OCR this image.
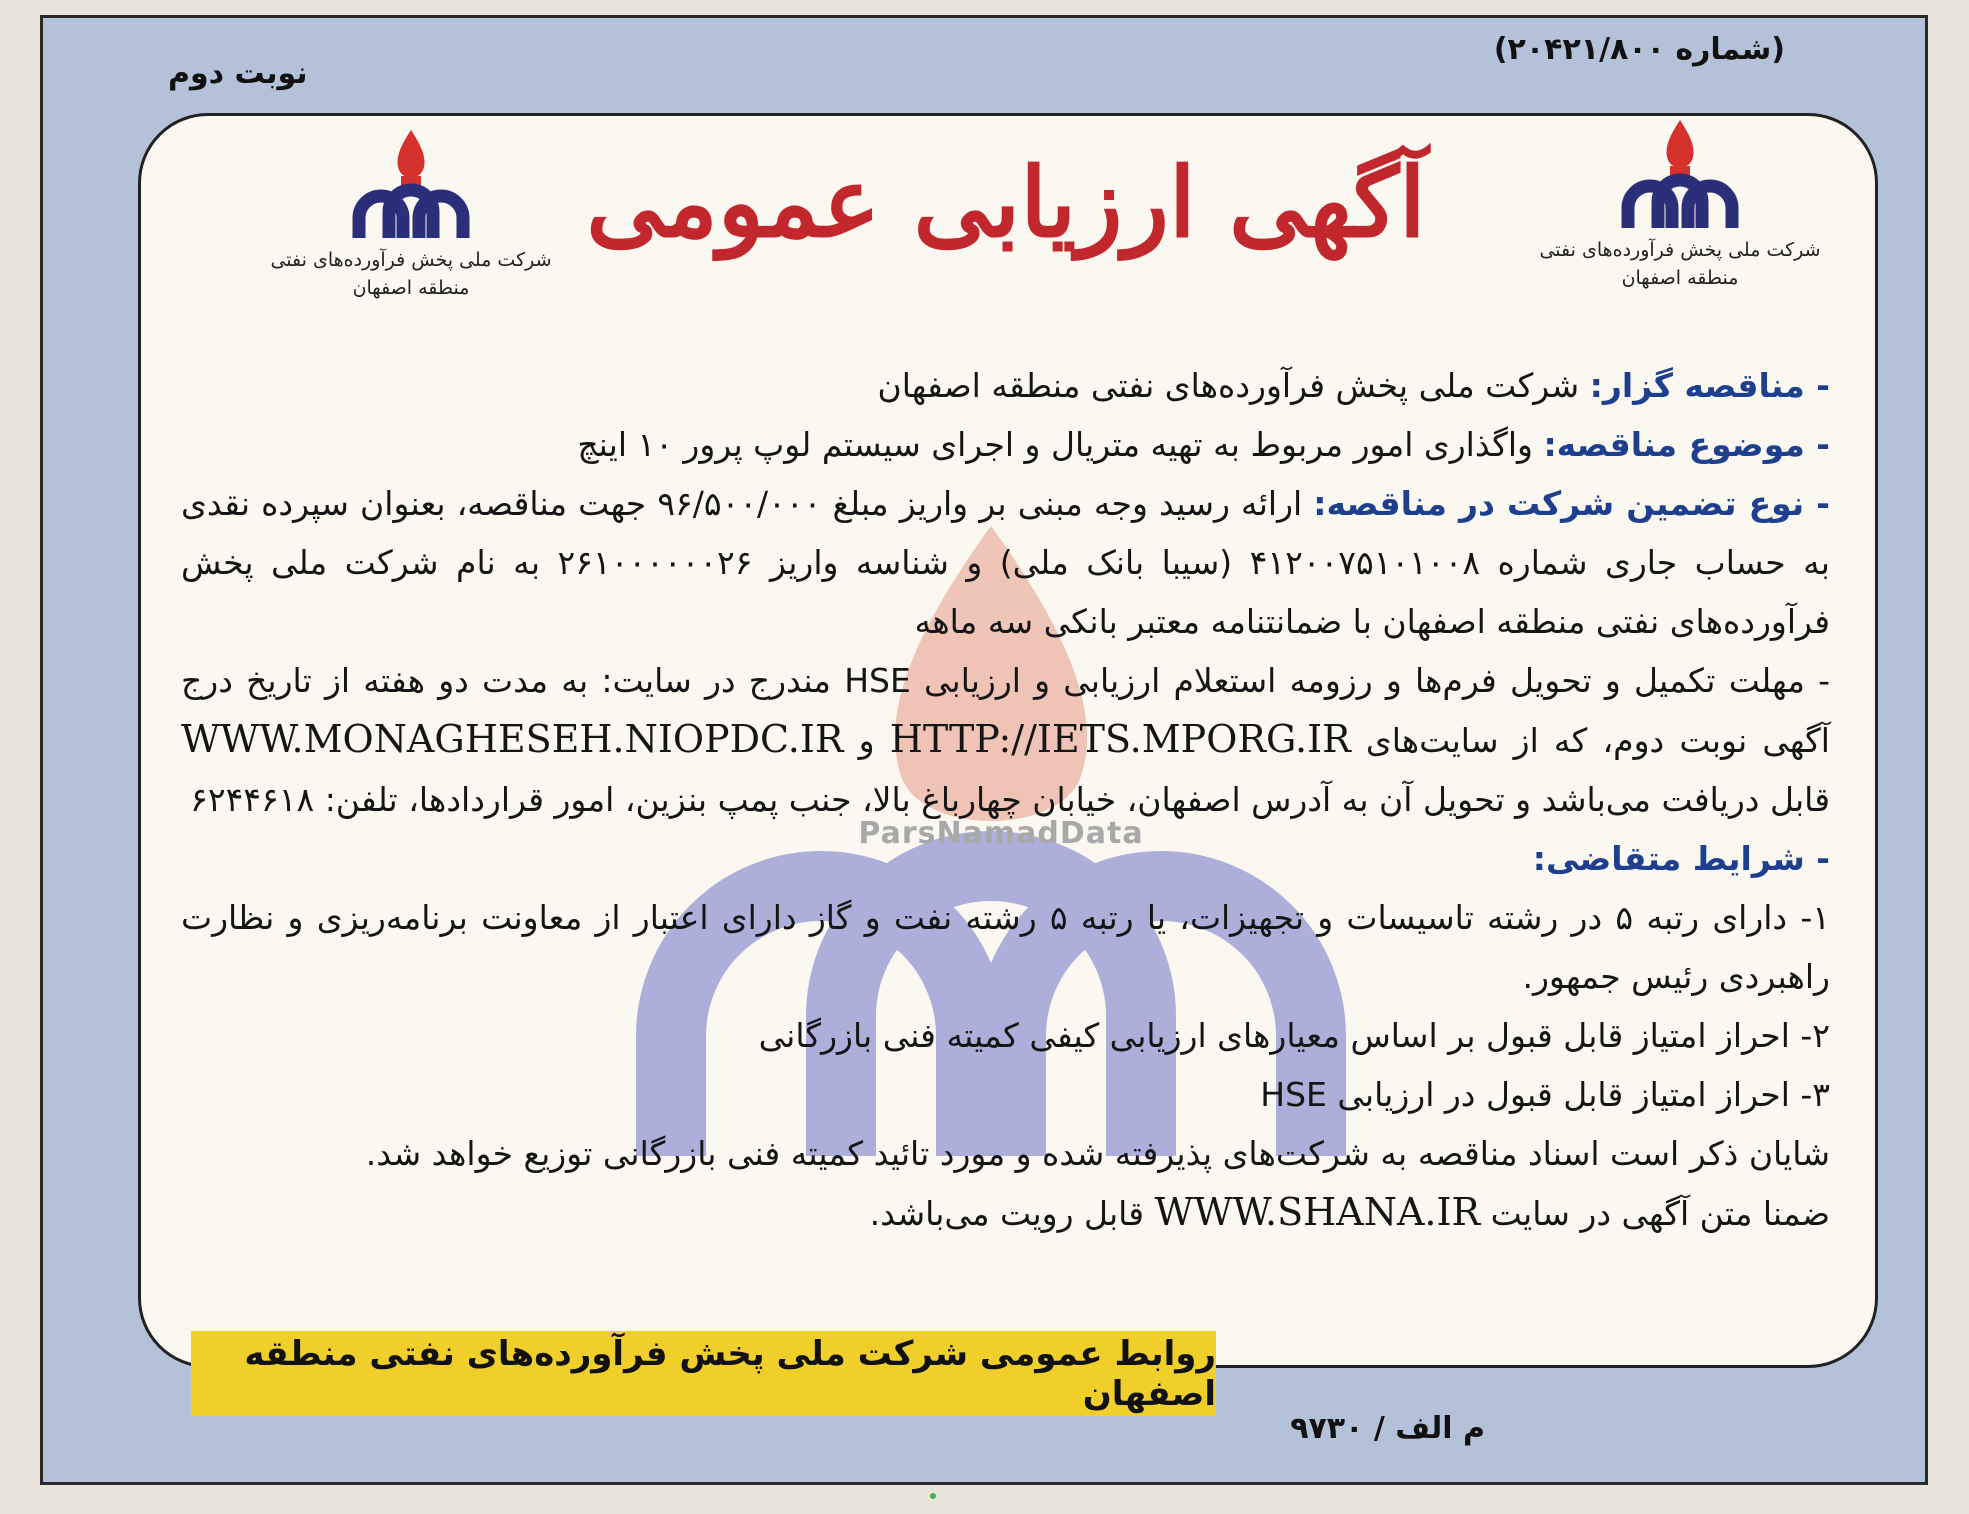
(شماره ۲۰۴۲۱/۸۰۰)
نوبت دوم
ParsNamadData
شرکت ملی پخش فرآورده‌های نفتی
منطقه اصفهان
شرکت ملی پخش فرآورده‌های نفتی
منطقه اصفهان
آگهی ارزیابی عمومی

- مناقصه گزار: شرکت ملی پخش فرآورده‌های نفتی منطقه اصفهان

- موضوع مناقصه: واگذاری امور مربوط به تهیه متریال و اجرای سیستم لوپ پرور ۱۰ اینچ

- نوع تضمین شرکت در مناقصه: ارائه رسید وجه مبنی بر واریز مبلغ ۹۶/۵۰۰/۰۰۰ جهت مناقصه، بعنوان سپرده نقدی به حساب جاری شماره ۴۱۲۰۰۷۵۱۰۱۰۰۸ (سیبا بانک ملی) و شناسه واریز ۲۶۱۰۰۰۰۰۰۲۶ به نام شرکت ملی پخش فرآورده‌های نفتی منطقه اصفهان با ضمانتنامه معتبر بانکی سه ماهه

- مهلت تکمیل و تحویل فرم‌ها و رزومه استعلام ارزیابی و ارزیابی HSE مندرج در سایت: به مدت دو هفته از تاریخ درج آگهی نوبت دوم، که از سایت‌های HTTP://IETS.MPORG.IR و WWW.MONAGHESEH.NIOPDC.IR قابل دریافت می‌باشد و تحویل آن به آدرس اصفهان، خیابان چهارباغ بالا، جنب پمپ بنزین، امور قراردادها، تلفن: ۶۲۴۴۶۱۸

- شرایط متقاضی:

۱- دارای رتبه ۵ در رشته تاسیسات و تجهیزات، یا رتبه ۵ رشته نفت و گاز دارای اعتبار از معاونت برنامه‌ریزی و نظارت راهبردی رئیس جمهور.

۲- احراز امتیاز قابل قبول بر اساس معیارهای ارزیابی کیفی کمیته فنی بازرگانی

۳- احراز امتیاز قابل قبول در ارزیابی HSE

شایان ذکر است اسناد مناقصه به شرکت‌های پذیرفته شده و مورد تائید کمیته فنی بازرگانی توزیع خواهد شد.

ضمنا متن آگهی در سایت WWW.SHANA.IR قابل رویت می‌باشد.

روابط عمومی شرکت ملی پخش فرآورده‌های نفتی منطقه اصفهان
م الف / ۹۷۳۰
